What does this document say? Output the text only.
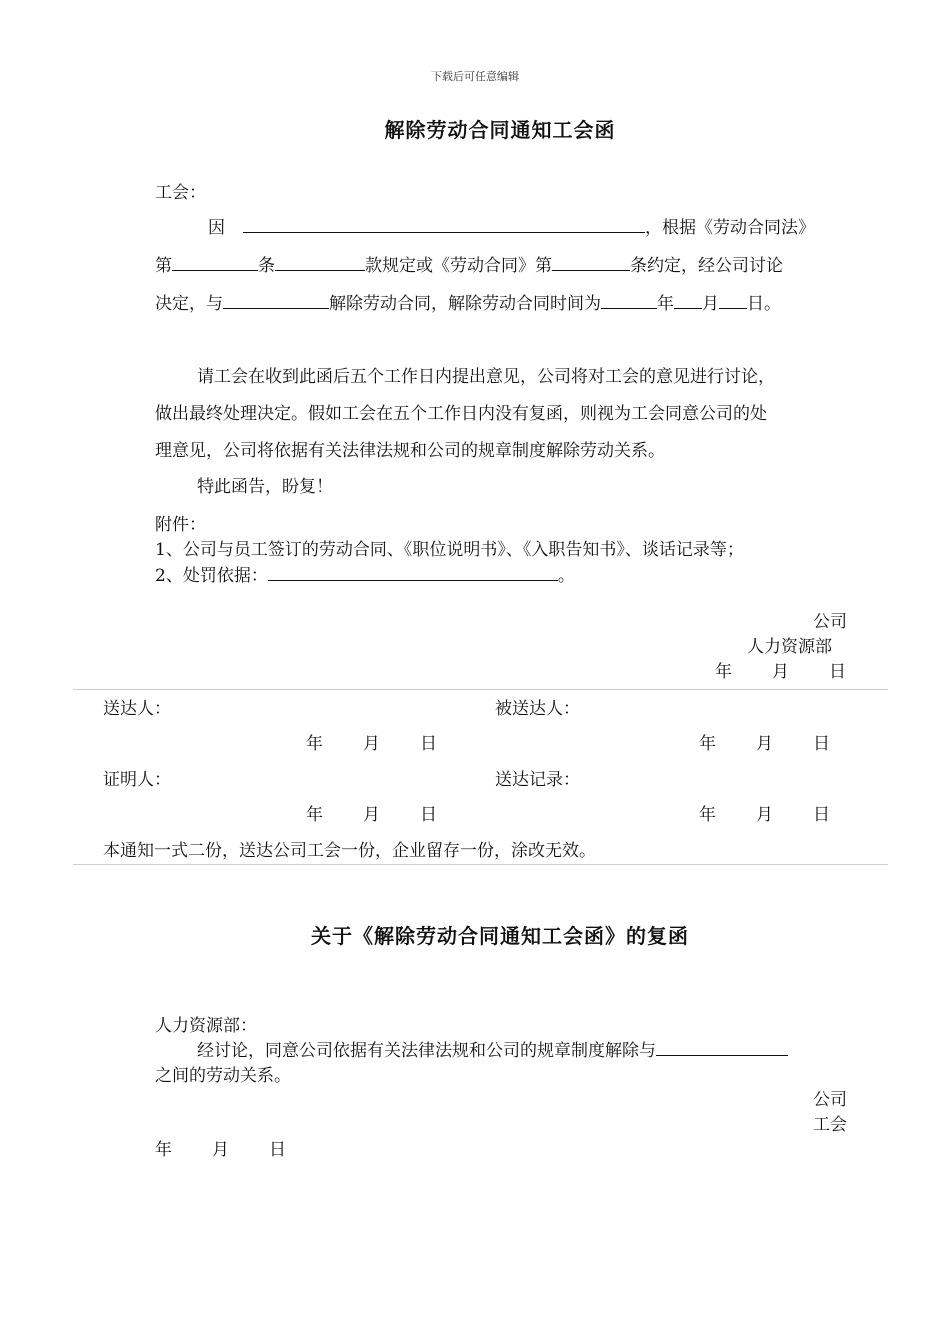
下载后可任意编辑
解除劳动合同通知工会函
工会：
因	，根据《劳动合同法》
第	条	款规定或《劳动合同》第	条约定，经公司讨论
决定，与	解除劳动合同，解除劳动合同时间为	年 月 日。
请工会在收到此函后五个工作日内提出意见，公司将对工会的意见进行讨论，
做出最终处理决定。假如工会在五个工作日内没有复函，则视为工会同意公司的处
理意见，公司将依据有关法律法规和公司的规章制度解除劳动关系。
特此函告，盼复！
附件：
1、公司与员工签订的劳动合同、《职位说明书》、《入职告知书》、谈话记录等；
2、处罚依据：	。
公司
人力资源部
年 月 日
送达人：	被送达人：
年 月 日	年 月 日
证明人：	送达记录：
年 月 日	年 月 日
本通知一式二份，送达公司工会一份，企业留存一份，涂改无效。
关于《解除劳动合同通知工会函》的复函
人力资源部：
经讨论，同意公司依据有关法律法规和公司的规章制度解除与
之间的劳动关系。
公司
工会
年 月 日
